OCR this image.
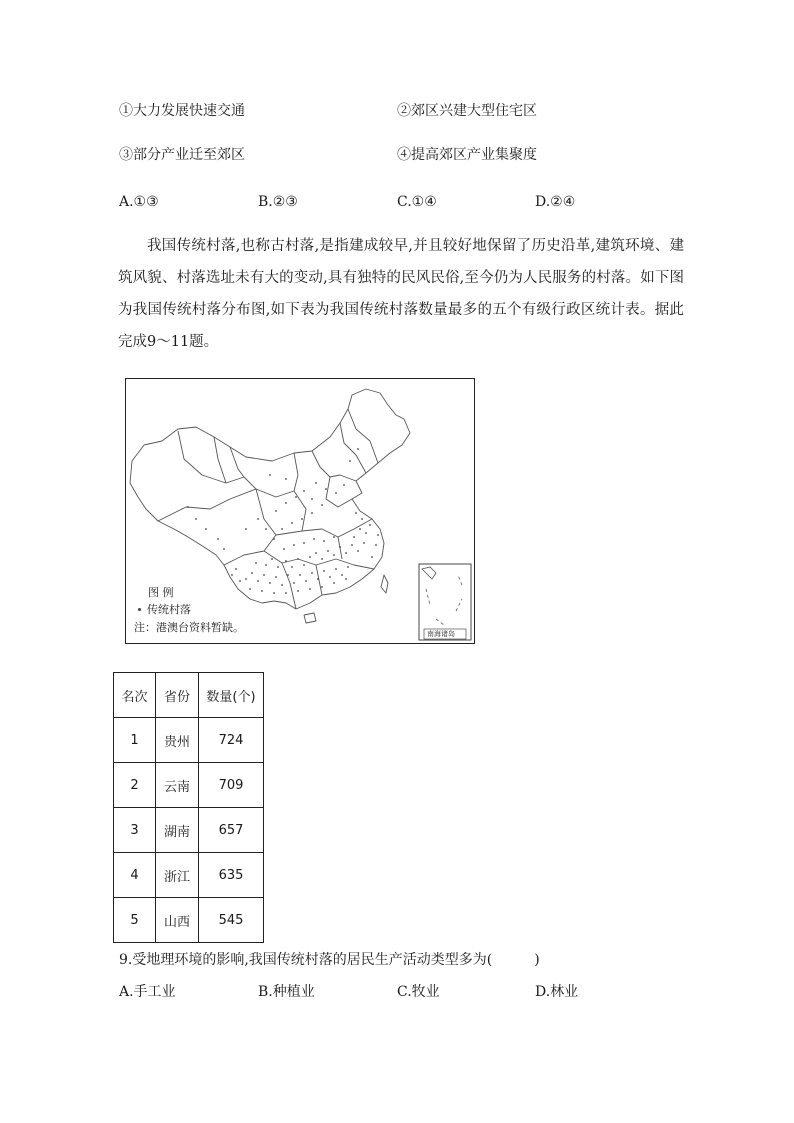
①大力发展快速交通	②郊区兴建大型住宅区
③部分产业迁至郊区	④提高郊区产业集聚度
A.①③	B.②③	C.①④	D.②④
我国传统村落,也称古村落,是指建成较早,并且较好地保留了历史沿革,建筑环境、建筑风貌、村落选址未有大的变动,具有独特的民风民俗,至今仍为人民服务的村落。如下图为我国传统村落分布图,如下表为我国传统村落数量最多的五个有级行政区统计表。据此完成9～11题。
图 例
传统村落
注：港澳台资料暂缺。	南海诸岛
名次	省份	数量(个)
1	贵州	724
2	云南	709
3	湖南	657
4	浙江	635
5	山西	545
9.受地理环境的影响,我国传统村落的居民生产活动类型多为(　　　)
A.手工业	B.种植业	C.牧业	D.林业
